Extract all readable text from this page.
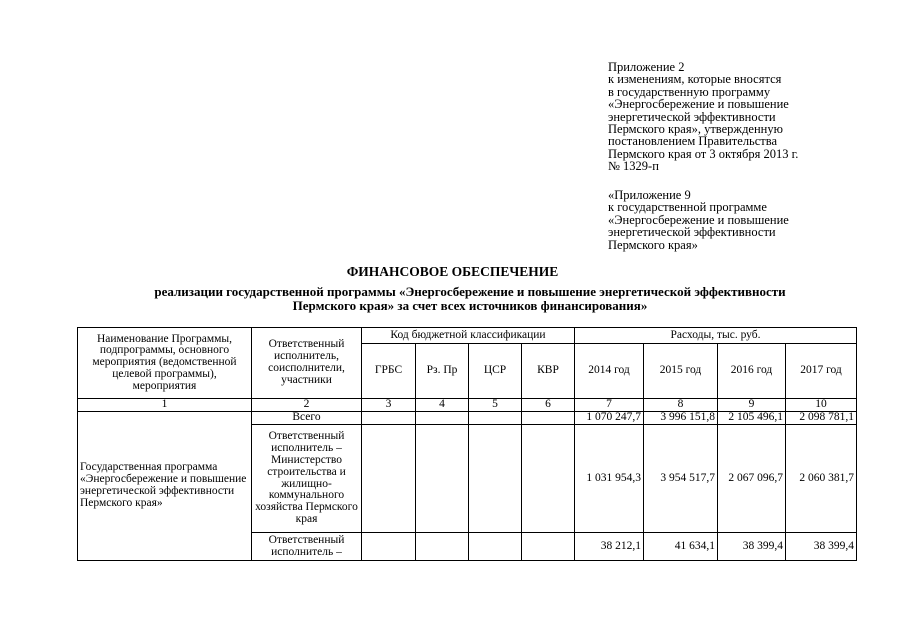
Приложение 2
к изменениям, которые вносятся
в государственную программу
«Энергосбережение и повышение
энергетической эффективности
Пермского края», утвержденную
постановлением Правительства
Пермского края от 3 октября 2013 г.
№ 1329-п
«Приложение 9
к государственной программе
«Энергосбережение и повышение
энергетической эффективности
Пермского края»
ФИНАНСОВОЕ ОБЕСПЕЧЕНИЕ
реализации государственной программы «Энергосбережение и повышение энергетической эффективности
Пермского края» за счет всех источников финансирования»
Наименование Программы, подпрограммы, основного мероприятия (ведомственной целевой программы), мероприятия	Ответственный исполнитель, соисполнители, участники	Код бюджетной классификации				Расходы, тыс. руб.			
		ГРБС	Рз. Пр	ЦСР	КВР	2014 год	2015 год	2016 год	2017 год
1	2	3	4	5	6	7	8	9	10
Государственная программа «Энергосбережение и повышение энергетической эффективности Пермского края»	Всего					1 070 247,7	3 996 151,8	2 105 496,1	2 098 781,1
	Ответственный исполнитель – Министерство строительства и жилищно-коммунального хозяйства Пермского края					1 031 954,3	3 954 517,7	2 067 096,7	2 060 381,7
	Ответственный исполнитель –					38 212,1	41 634,1	38 399,4	38 399,4
